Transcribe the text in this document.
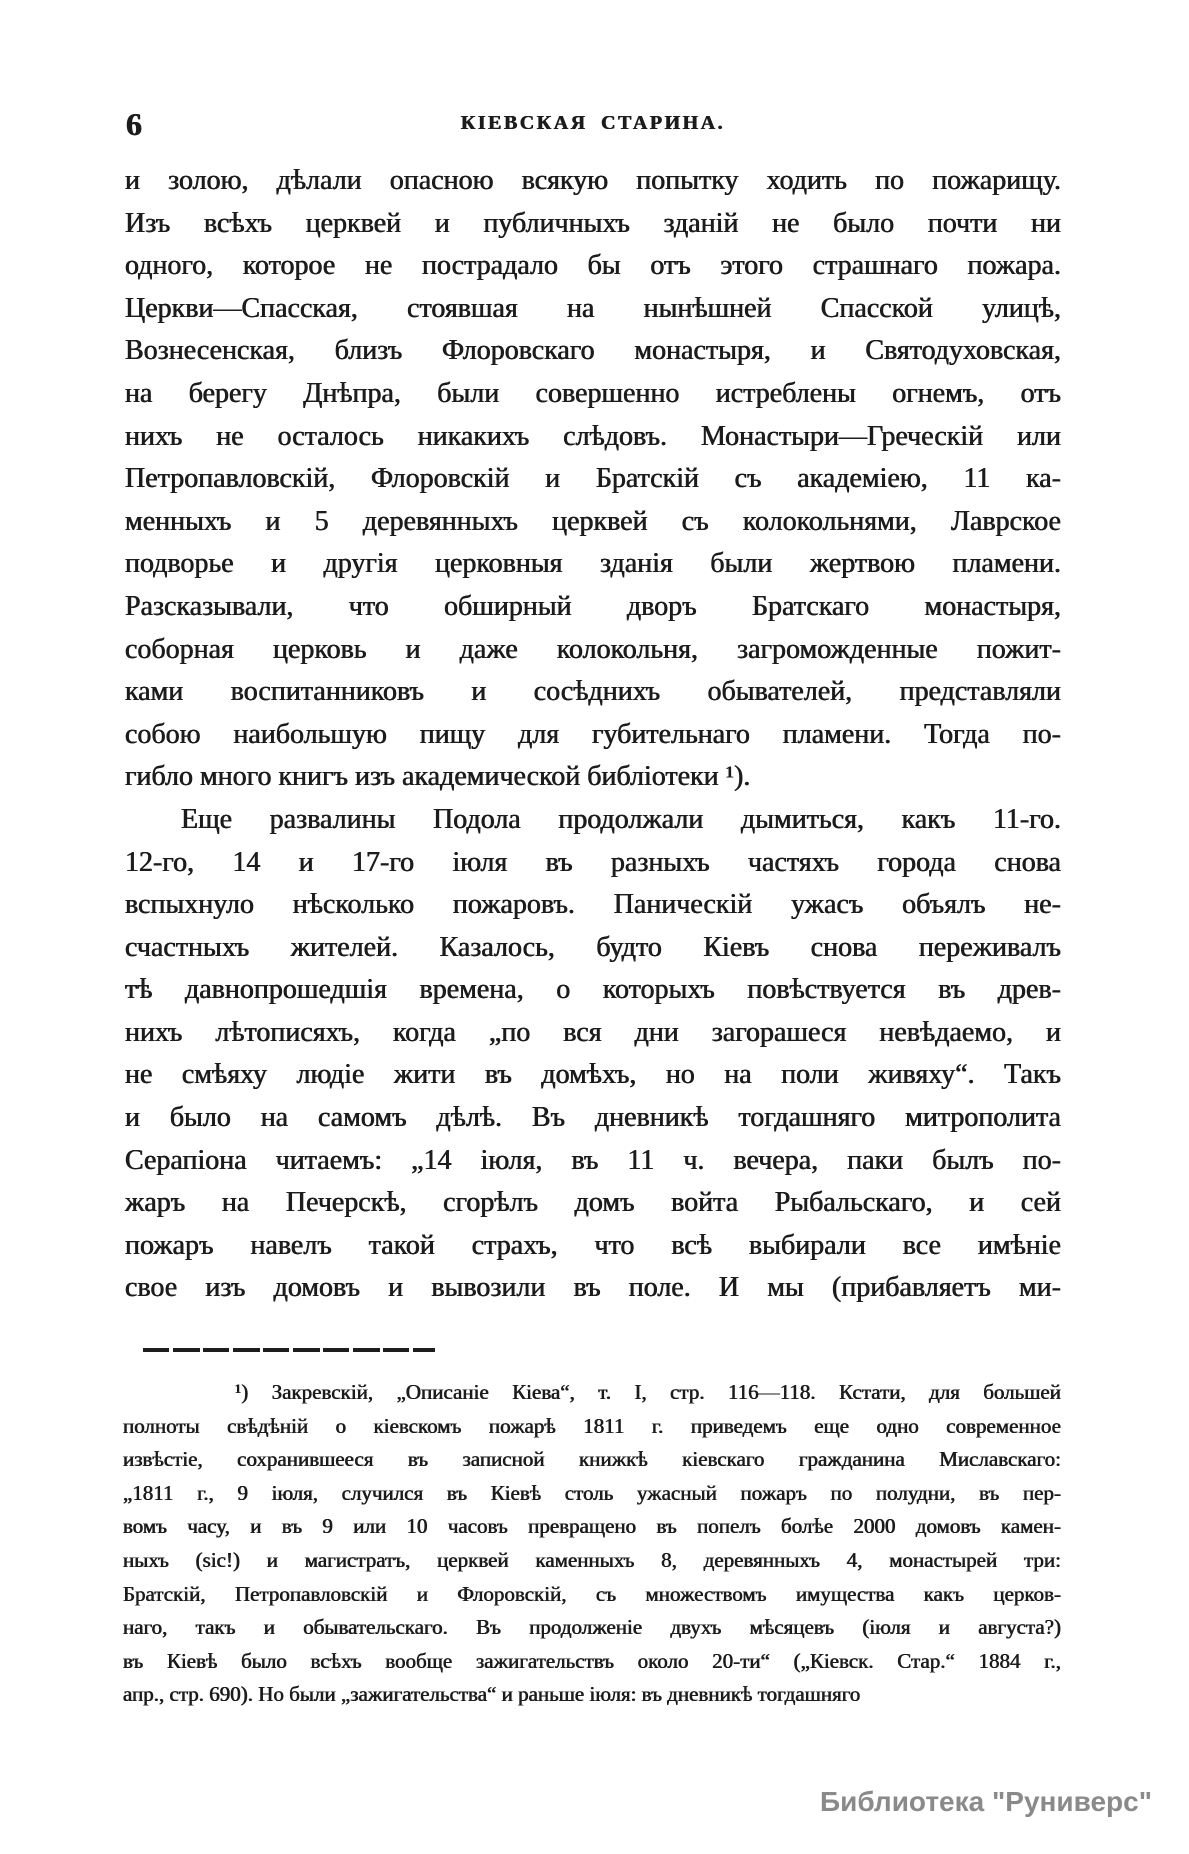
6	КІЕВСКАЯ СТАРИНА.
и золою, дѣлали опасною всякую попытку ходить по пожарищу.
Изъ всѣхъ церквей и публичныхъ зданій не было почти ни
одного, которое не пострадало бы отъ этого страшнаго пожара.
Церкви—Спасская, стоявшая на нынѣшней Спасской улицѣ,
Вознесенская, близъ Флоровскаго монастыря, и Святодуховская,
на берегу Днѣпра, были совершенно истреблены огнемъ, отъ
нихъ не осталось никакихъ слѣдовъ. Монастыри—Греческій или
Петропавловскій, Флоровскій и Братскій съ академіею, 11 ка-
менныхъ и 5 деревянныхъ церквей съ колокольнями, Лаврское
подворье и другія церковныя зданія были жертвою пламени.
Разсказывали, что обширный дворъ Братскаго монастыря,
соборная церковь и даже колокольня, загроможденные пожит-
ками воспитанниковъ и сосѣднихъ обывателей, представляли
собою наибольшую пищу для губительнаго пламени. Тогда по-
гибло много книгъ изъ академической библіотеки ¹).
Еще развалины Подола продолжали дымиться, какъ 11-го.
12-го, 14 и 17-го іюля въ разныхъ частяхъ города снова
вспыхнуло нѣсколько пожаровъ. Паническій ужасъ объялъ не-
счастныхъ жителей. Казалось, будто Кіевъ снова переживалъ
тѣ давнопрошедшія времена, о которыхъ повѣствуется въ древ-
нихъ лѣтописяхъ, когда „по вся дни загорашеся невѣдаемо, и
не смѣяху людіе жити въ домѣхъ, но на поли живяху“. Такъ
и было на самомъ дѣлѣ. Въ дневникѣ тогдашняго митрополита
Серапіона читаемъ: „14 іюля, въ 11 ч. вечера, паки былъ по-
жаръ на Печерскѣ, сгорѣлъ домъ войта Рыбальскаго, и сей
пожаръ навелъ такой страхъ, что всѣ выбирали все имѣніе
свое изъ домовъ и вывозили въ поле. И мы (прибавляетъ ми-
¹) Закревскій, „Описаніе Кіева“, т. I, стр. 116—118. Кстати, для большей
полноты свѣдѣній о кіевскомъ пожарѣ 1811 г. приведемъ еще одно современное
извѣстіе, сохранившееся въ записной книжкѣ кіевскаго гражданина Миславскаго:
„1811 г., 9 іюля, случился въ Кіевѣ столь ужасный пожаръ по полудни, въ пер-
вомъ часу, и въ 9 или 10 часовъ превращено въ попелъ болѣе 2000 домовъ камен-
ныхъ (sic!) и магистратъ, церквей каменныхъ 8, деревянныхъ 4, монастырей три:
Братскій, Петропавловскій и Флоровскій, съ множествомъ имущества какъ церков-
наго, такъ и обывательскаго. Въ продолженіе двухъ мѣсяцевъ (іюля и августа?)
въ Кіевѣ было всѣхъ вообще зажигательствъ около 20-ти“ („Кіевск. Стар.“ 1884 г.,
апр., стр. 690). Но были „зажигательства“ и раньше іюля: въ дневникѣ тогдашняго
Библиотека "Руниверс"
